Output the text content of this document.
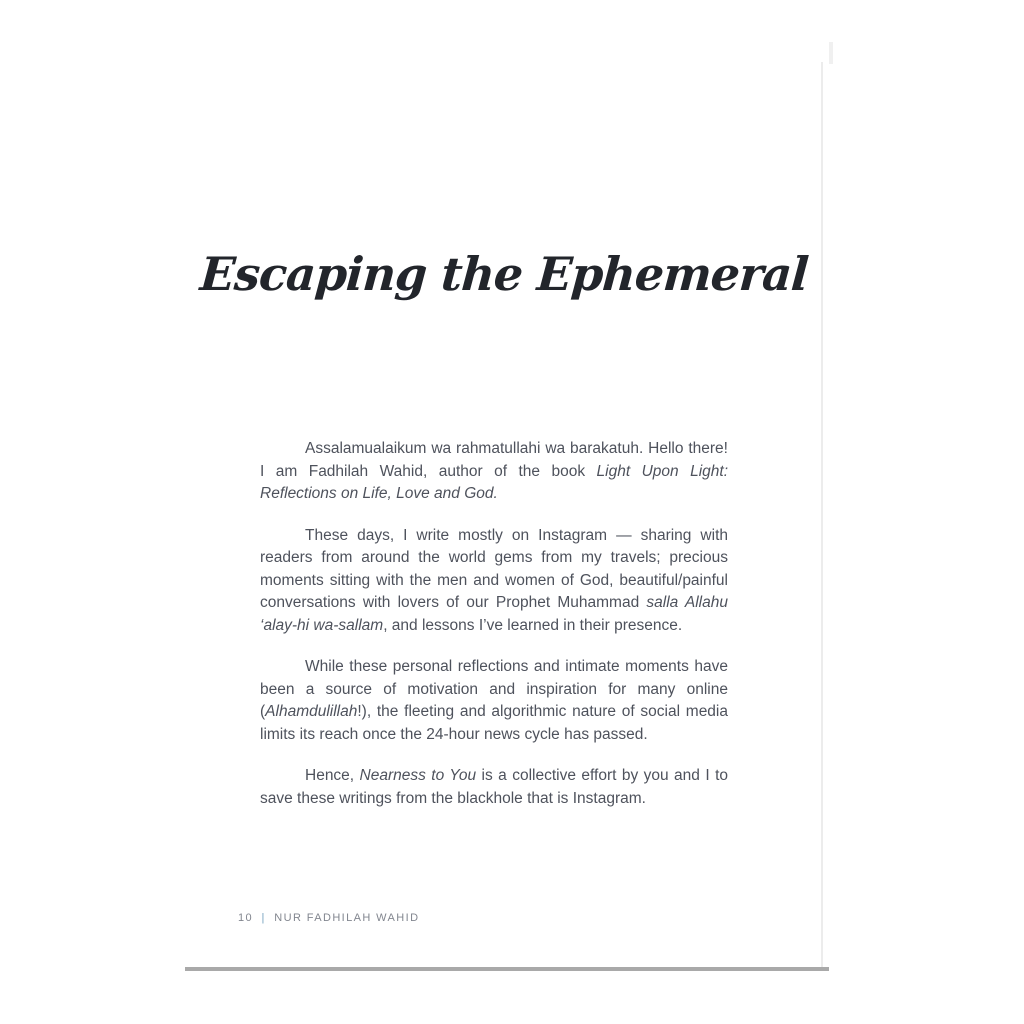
Escaping the Ephemeral

Assalamualaikum wa rahmatullahi wa barakatuh. Hello there! I am Fadhilah Wahid, author of the book Light Upon Light: Reflections on Life, Love and God.

These days, I write mostly on Instagram — sharing with readers from around the world gems from my travels; precious moments sitting with the men and women of God, beautiful/painful conversations with lovers of our Prophet Muhammad salla Allahu ‘alay-hi wa-sallam, and lessons I’ve learned in their presence.

While these personal reflections and intimate moments have been a source of motivation and inspiration for many online (Alhamdulillah!), the fleeting and algorithmic nature of social media limits its reach once the 24-hour news cycle has passed.

Hence, Nearness to You is a collective effort by you and I to save these writings from the blackhole that is Instagram.

10 | NUR FADHILAH WAHID
